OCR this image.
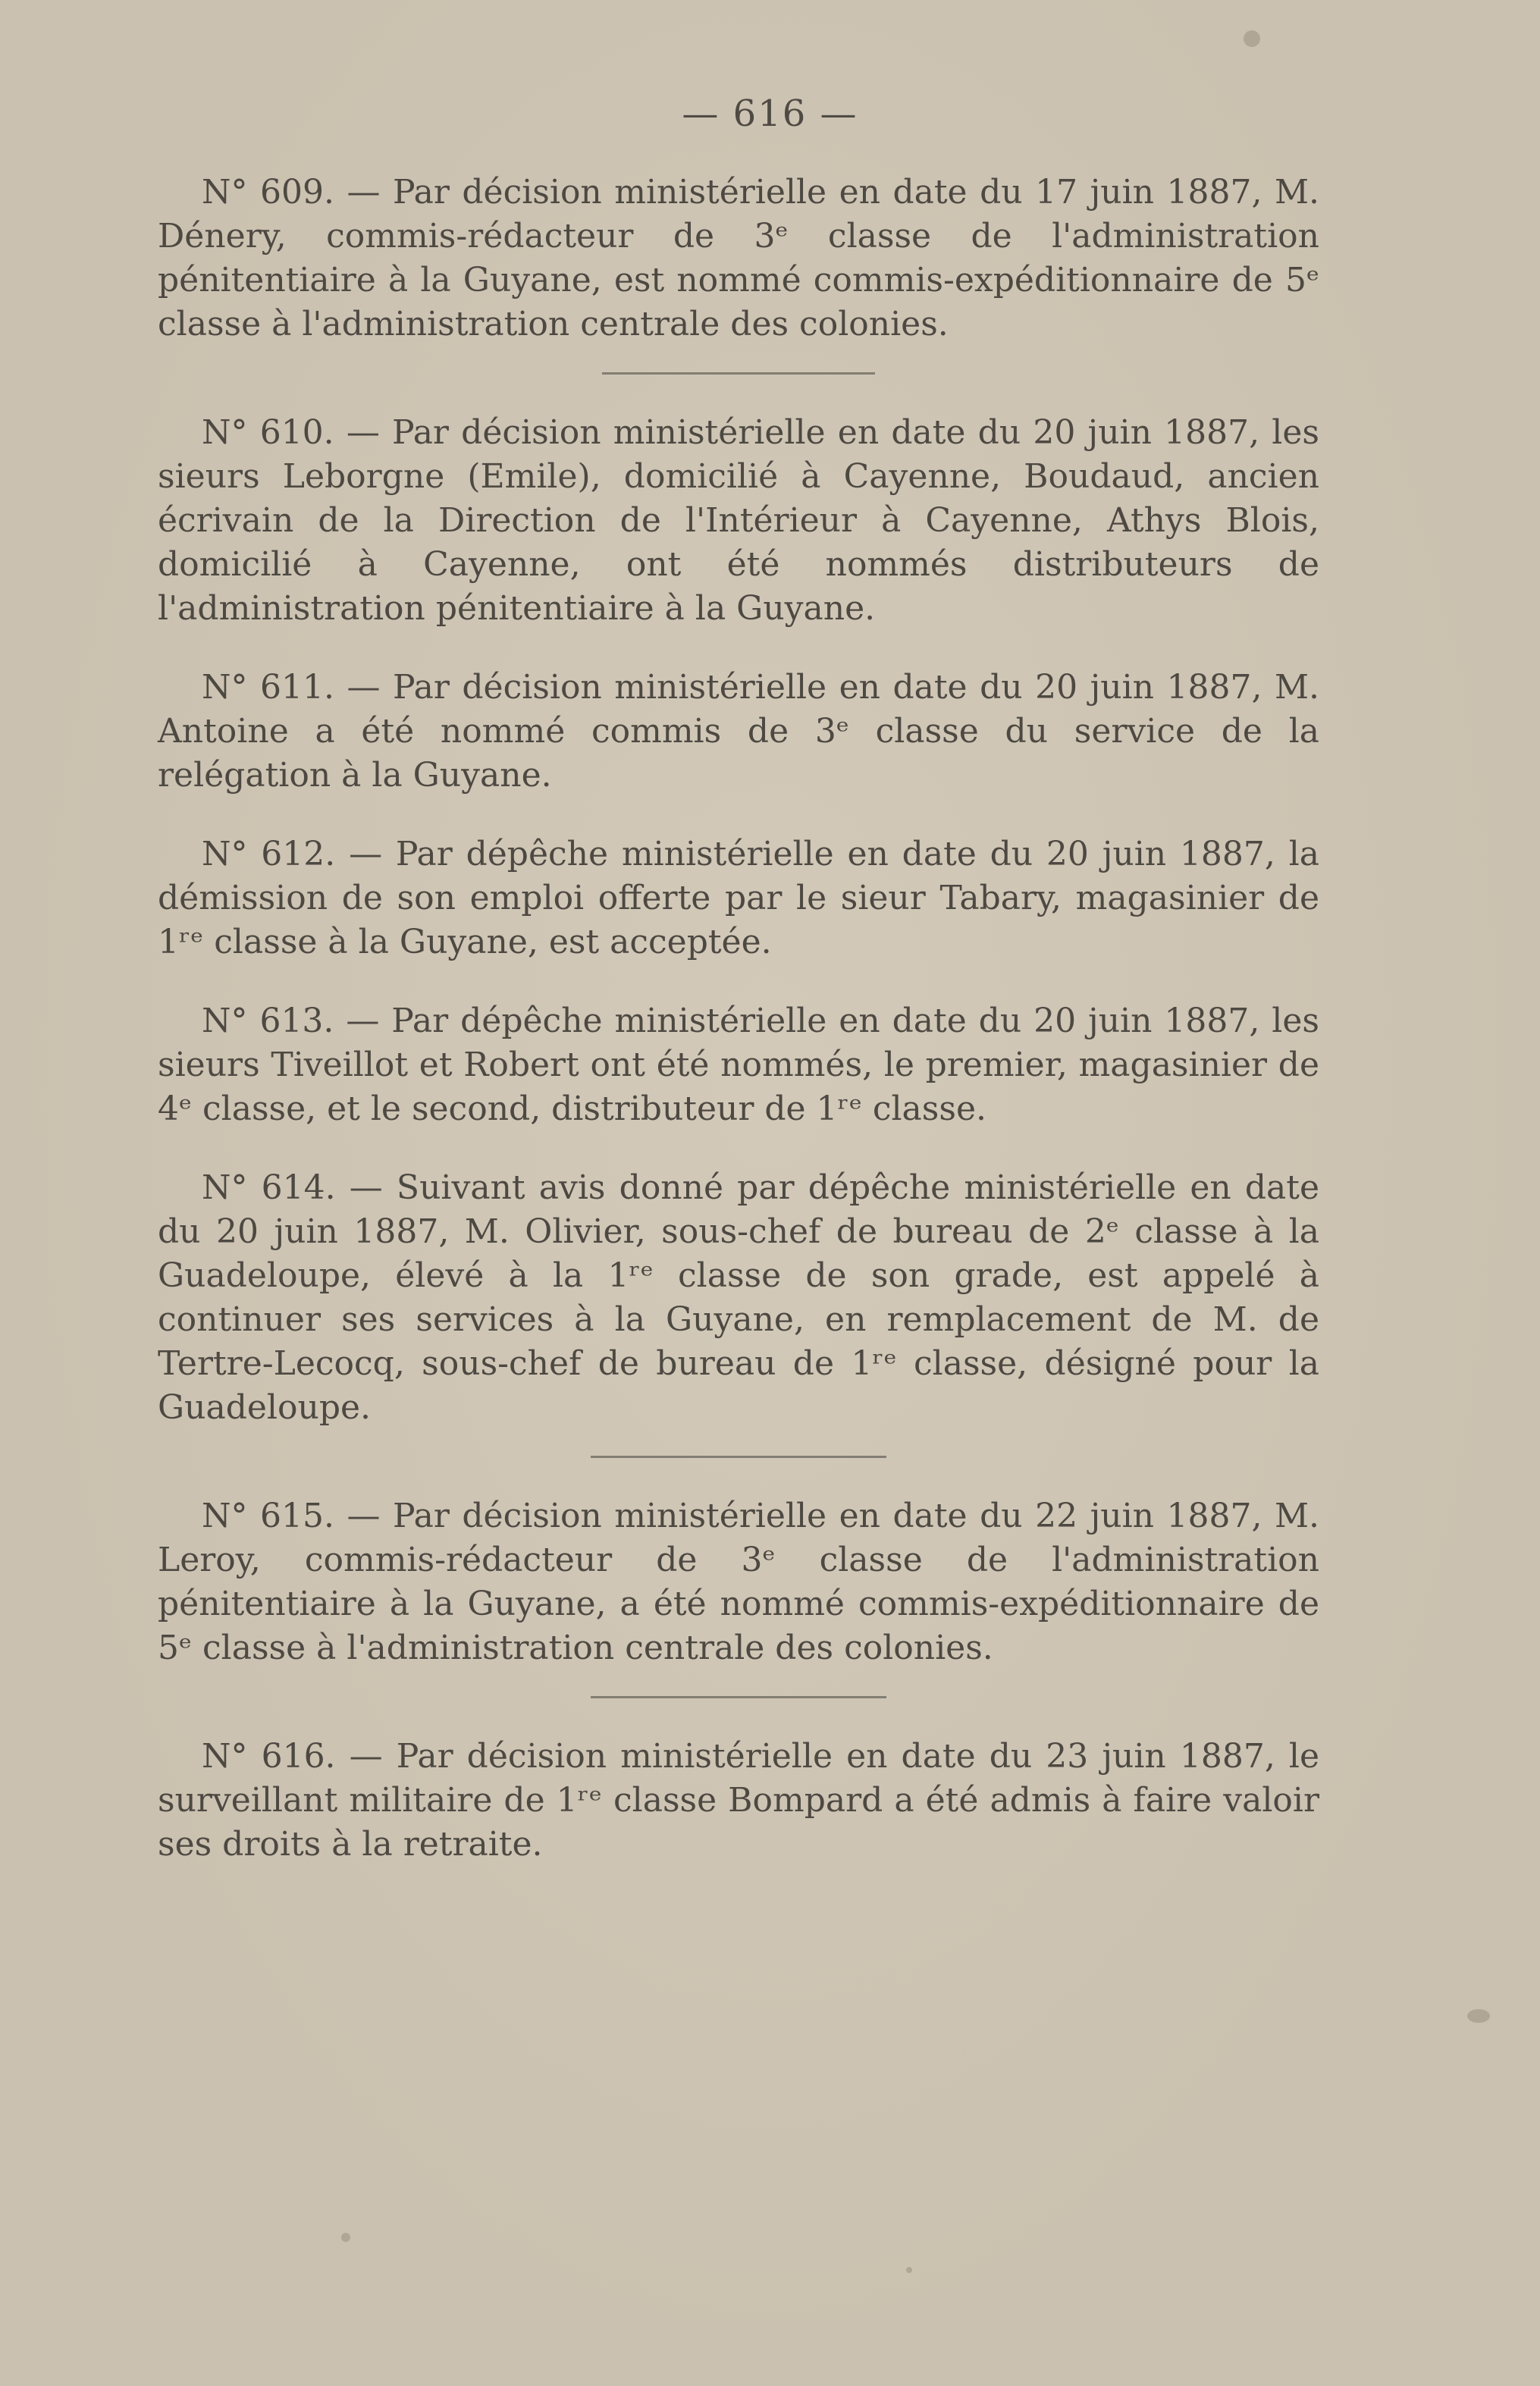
— 616 —

N° 609. — Par décision ministérielle en date du 17 juin 1887, M. Dénery, commis-rédacteur de 3ᵉ classe de l'administration pénitentiaire à la Guyane, est nommé commis-expéditionnaire de 5ᵉ classe à l'administration centrale des colonies.

N° 610. — Par décision ministérielle en date du 20 juin 1887, les sieurs Leborgne (Emile), domicilié à Cayenne, Boudaud, ancien écrivain de la Direction de l'Intérieur à Cayenne, Athys Blois, domicilié à Cayenne, ont été nommés distributeurs de l'administration pénitentiaire à la Guyane.

N° 611. — Par décision ministérielle en date du 20 juin 1887, M. Antoine a été nommé commis de 3ᵉ classe du service de la relégation à la Guyane.

N° 612. — Par dépêche ministérielle en date du 20 juin 1887, la démission de son emploi offerte par le sieur Tabary, magasinier de 1ʳᵉ classe à la Guyane, est acceptée.

N° 613. — Par dépêche ministérielle en date du 20 juin 1887, les sieurs Tiveillot et Robert ont été nommés, le premier, magasinier de 4ᵉ classe, et le second, distributeur de 1ʳᵉ classe.

N° 614. — Suivant avis donné par dépêche ministérielle en date du 20 juin 1887, M. Olivier, sous-chef de bureau de 2ᵉ classe à la Guadeloupe, élevé à la 1ʳᵉ classe de son grade, est appelé à continuer ses services à la Guyane, en remplacement de M. de Tertre-Lecocq, sous-chef de bureau de 1ʳᵉ classe, désigné pour la Guadeloupe.

N° 615. — Par décision ministérielle en date du 22 juin 1887, M. Leroy, commis-rédacteur de 3ᵉ classe de l'administration pénitentiaire à la Guyane, a été nommé commis-expéditionnaire de 5ᵉ classe à l'administration centrale des colonies.

N° 616. — Par décision ministérielle en date du 23 juin 1887, le surveillant militaire de 1ʳᵉ classe Bompard a été admis à faire valoir ses droits à la retraite.
